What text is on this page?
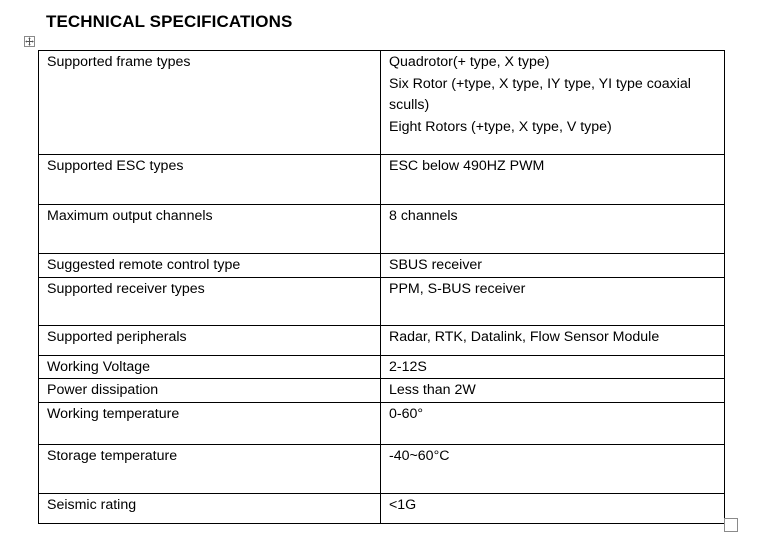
TECHNICAL SPECIFICATIONS
Supported frame types	Quadrotor(+ type, X type)
Six Rotor (+type, X type, IY type, YI type coaxial sculls)
Eight Rotors (+type, X type, V type)

Supported ESC types	ESC below 490HZ PWM
Maximum output channels	8 channels
Suggested remote control type	SBUS receiver
Supported receiver types	PPM, S-BUS receiver
Supported peripherals	Radar, RTK, Datalink, Flow Sensor Module
Working Voltage	2-12S
Power dissipation	Less than 2W
Working temperature	0-60°
Storage temperature	-40~60°C
Seismic rating	<1G
